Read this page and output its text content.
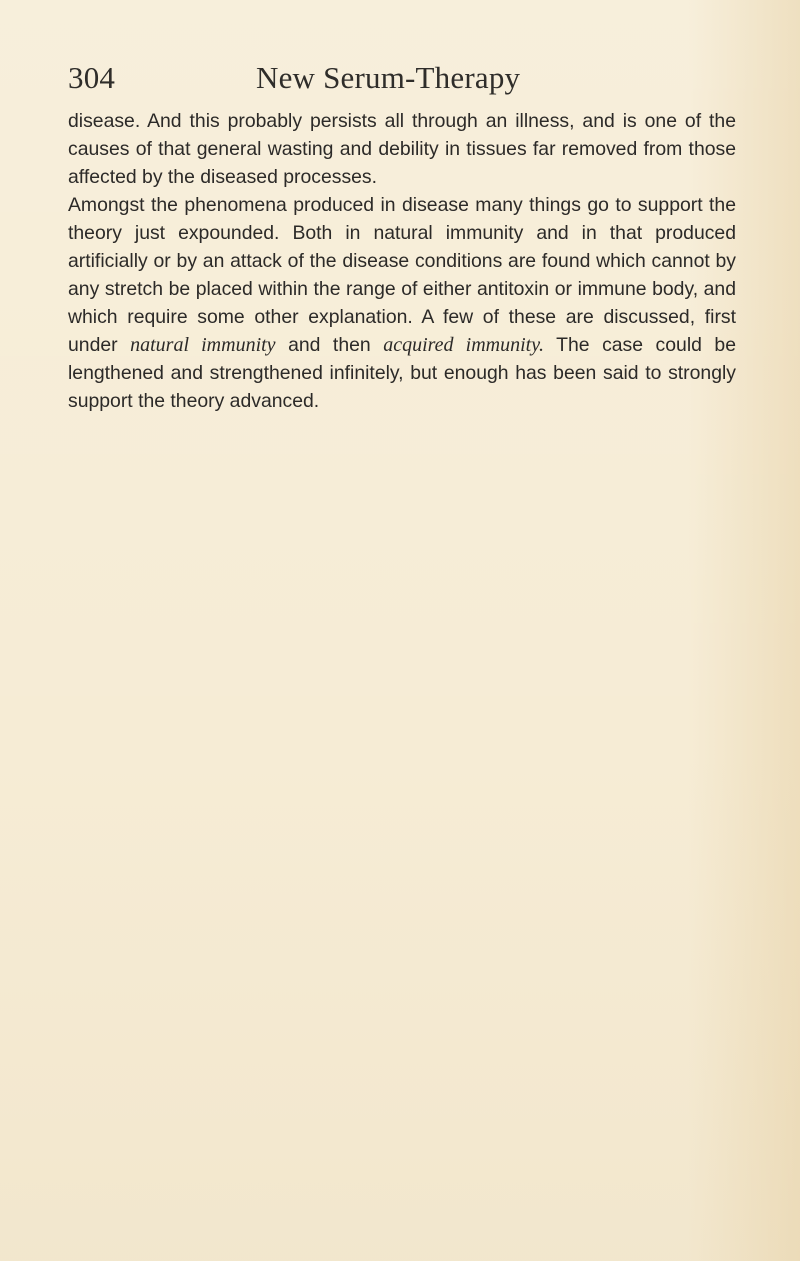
304	New Serum-Therapy

disease. And this probably persists all through an illness, and is one of the causes of that general wasting and debility in tissues far removed from those affected by the diseased processes.

Amongst the phenomena produced in disease many things go to support the theory just expounded. Both in natural immunity and in that produced artificially or by an attack of the disease conditions are found which cannot by any stretch be placed within the range of either antitoxin or immune body, and which require some other explanation. A few of these are discussed, first under natural immunity and then acquired immunity. The case could be lengthened and strengthened infinitely, but enough has been said to strongly support the theory advanced.
